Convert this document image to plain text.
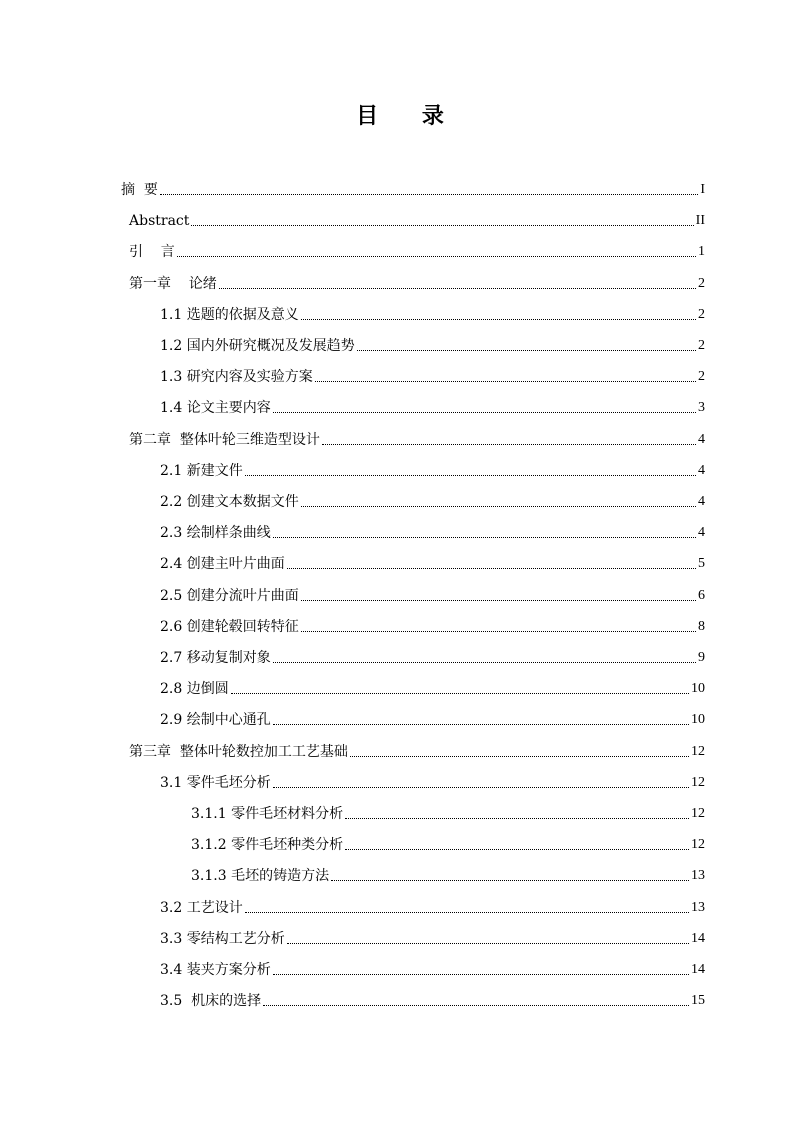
目 录
摘  要	I
Abstract	II
引    言	1
第一章    论绪	2
1.1 选题的依据及意义	2
1.2 国内外研究概况及发展趋势	2
1.3 研究内容及实验方案	2
1.4 论文主要内容	3
第二章  整体叶轮三维造型设计	4
2.1 新建文件	4
2.2 创建文本数据文件	4
2.3 绘制样条曲线	4
2.4 创建主叶片曲面	5
2.5 创建分流叶片曲面	6
2.6 创建轮毂回转特征	8
2.7 移动复制对象	9
2.8 边倒圆	10
2.9 绘制中心通孔	10
第三章  整体叶轮数控加工工艺基础	12
3.1 零件毛坯分析	12
3.1.1 零件毛坯材料分析	12
3.1.2 零件毛坯种类分析	12
3.1.3 毛坯的铸造方法	13
3.2 工艺设计	13
3.3 零结构工艺分析	14
3.4 装夹方案分析	14
3.5  机床的选择	15
